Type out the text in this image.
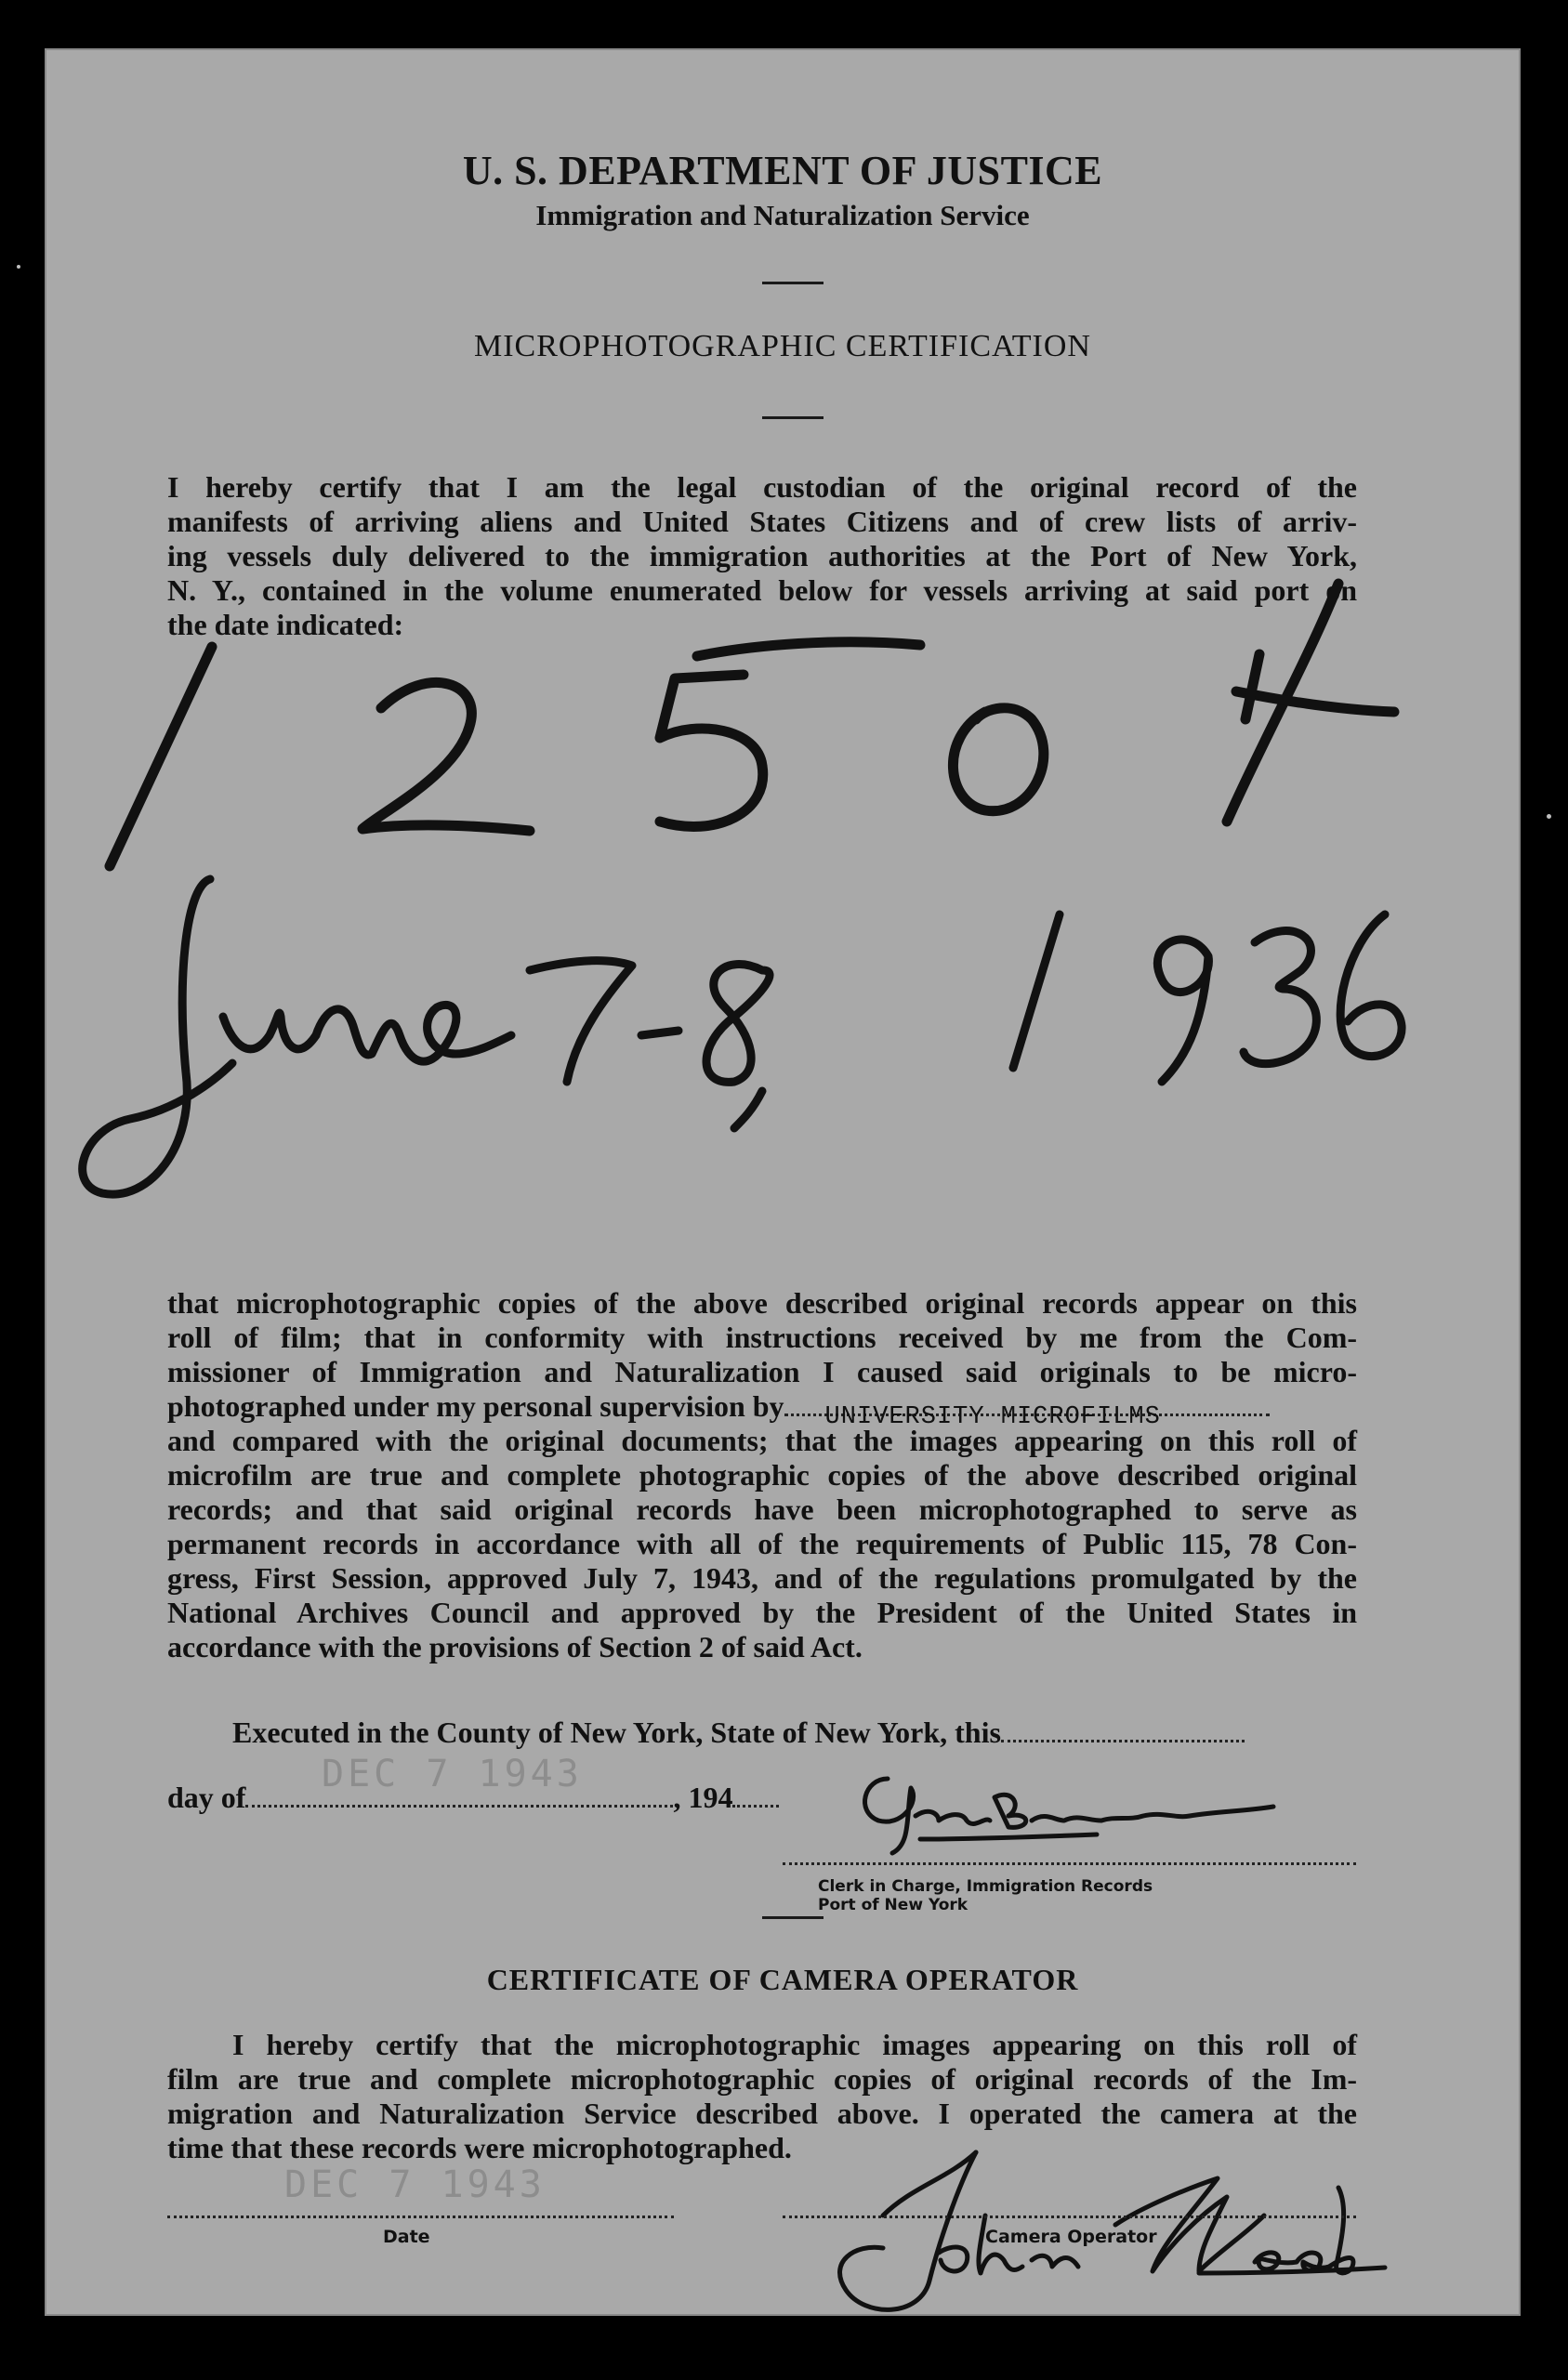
U. S. DEPARTMENT OF JUSTICE
Immigration and Naturalization Service
MICROPHOTOGRAPHIC CERTIFICATION
I hereby certify that I am the legal custodian of the original record of the
manifests of arriving aliens and United States Citizens and of crew lists of arriv-
ing vessels duly delivered to the immigration authorities at the Port of New York,
N. Y., contained in the volume enumerated below for vessels arriving at said port on
the date indicated:
that microphotographic copies of the above described original records appear on this
roll of film; that in conformity with instructions received by me from the Com-
missioner of Immigration and Naturalization I caused said originals to be micro-
photographed under my personal supervision by UNIVERSITY MICROFILMS
and compared with the original documents; that the images appearing on this roll of
microfilm are true and complete photographic copies of the above described original
records; and that said original records have been microphotographed to serve as
permanent records in accordance with all of the requirements of Public 115, 78 Con-
gress, First Session, approved July 7, 1943, and of the regulations promulgated by the
National Archives Council and approved by the President of the United States in
accordance with the provisions of Section 2 of said Act.
Executed in the County of New York, State of New York, this
day of	, 194
DEC 7 1943
Clerk in Charge, Immigration Records
Port of New York
CERTIFICATE OF CAMERA OPERATOR
I hereby certify that the microphotographic images appearing on this roll of
film are true and complete microphotographic copies of original records of the Im-
migration and Naturalization Service described above. I operated the camera at the
time that these records were microphotographed.
DEC 7 1943
Date	Camera Operator
